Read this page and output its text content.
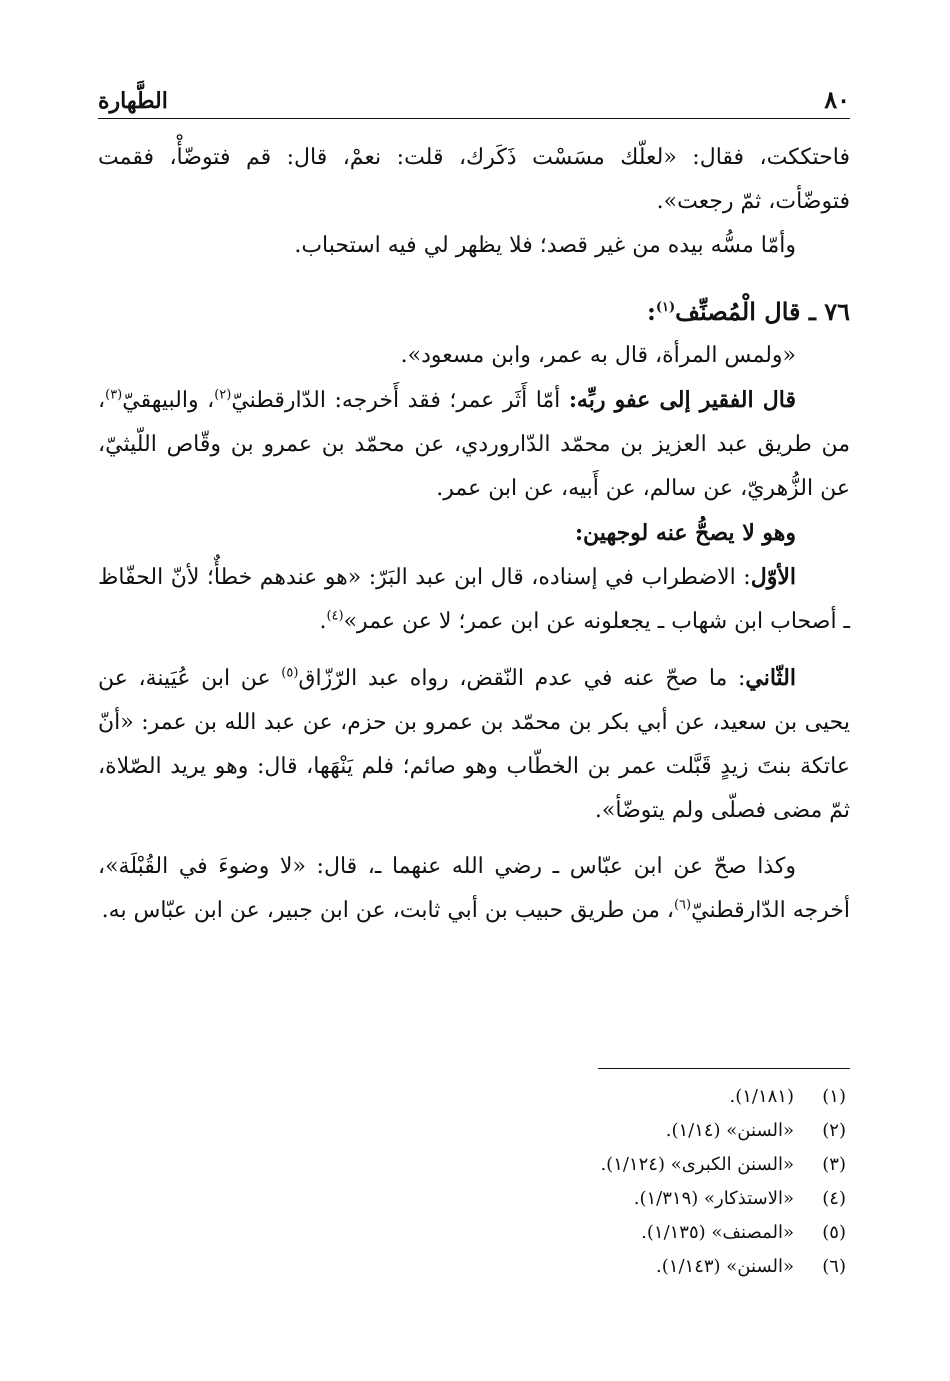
٨٠
الطَّهارة

فاحتككت، فقال: «لعلّك مسَسْت ذَكَرك، قلت: نعمْ، قال: قم فتوضّأْ، فقمت فتوضّأت، ثمّ رجعت».

وأمّا مسُّه بيده من غير قصد؛ فلا يظهر لي فيه استحباب.

٧٦ ـ قال الْمُصنِّف$^{(١)}$:

«ولمس المرأة، قال به عمر، وابن مسعود».

قال الفقير إلى عفو ربِّه: أمّا أَثَر عمر؛ فقد أَخرجه: الدّارقطنيّ$^{(٢)}$، والبيهقيّ$^{(٣)}$، من طريق عبد العزيز بن محمّد الدّاروردي، عن محمّد بن عمرو بن وقّاص اللّيثيّ، عن الزُّهريّ، عن سالم، عن أَبيه، عن ابن عمر.

وهو لا يصحُّ عنه لوجهين:

الأوّل: الاضطراب في إسناده، قال ابن عبد البَرّ: «هو عندهم خطأٌ؛ لأنّ الحفّاظ ـ أصحاب ابن شهاب ـ يجعلونه عن ابن عمر؛ لا عن عمر»$^{(٤)}$.

الثّاني: ما صحّ عنه في عدم النّقض، رواه عبد الرّزّاق$^{(٥)}$ عن ابن عُيَينة، عن يحيى بن سعيد، عن أبي بكر بن محمّد بن عمرو بن حزم، عن عبد الله بن عمر: «أنّ عاتكة بنتَ زيدٍ قَبَّلت عمر بن الخطّاب وهو صائم؛ فلم يَنْهَها، قال: وهو يريد الصّلاة، ثمّ مضى فصلّى ولم يتوضّأ».

وكذا صحّ عن ابن عبّاس ـ رضي الله عنهما ـ، قال: «لا وضوءَ في القُبْلَة»، أخرجه الدّارقطنيّ$^{(٦)}$، من طريق حبيب بن أبي ثابت، عن ابن جبير، عن ابن عبّاس به.

(١)
(١/١٨١).
(٢)
«السنن» (١/١٤).
(٣)
«السنن الكبرى» (١/١٢٤).
(٤)
«الاستذكار» (١/٣١٩).
(٥)
«المصنف» (١/١٣٥).
(٦)
«السنن» (١/١٤٣).
